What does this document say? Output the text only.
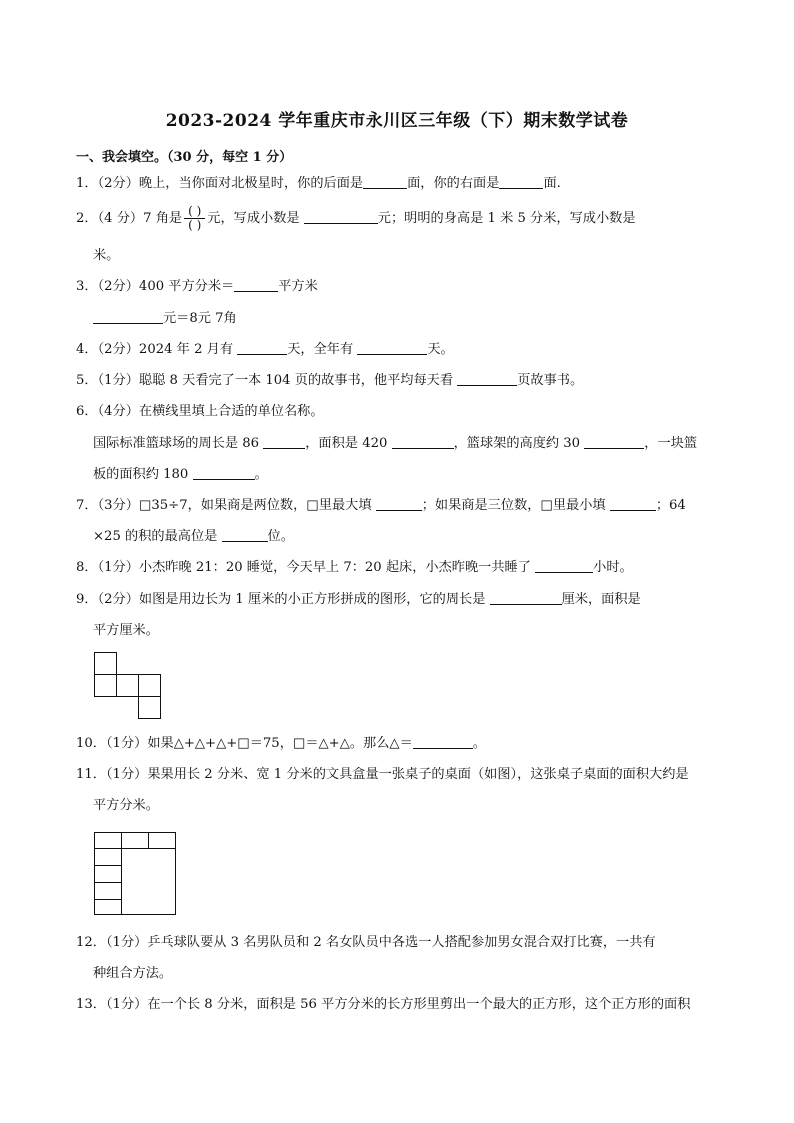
2023-2024 学年重庆市永川区三年级（下）期末数学试卷
一、我会填空。（30 分，每空 1 分）
1．（2分）晚上，当你面对北极星时，你的后面是	面，你的右面是	面.
2．（4 分）7 角是 $\frac{( )}{( )}$ 元，写成小数是	元；明明的身高是 1 米 5 分米，写成小数是
米。
3．（2分）400 平方分米＝	平方米
元＝8元 7角
4．（2分）2024 年 2 月有	天，全年有	天。
5．（1分）聪聪 8 天看完了一本 104 页的故事书，他平均每天看	页故事书。
6．（4分）在横线里填上合适的单位名称。
国际标准篮球场的周长是 86	，面积是 420	，篮球架的高度约 30	，一块篮
板的面积约 180	。
7．（3分）□35÷7，如果商是两位数，□里最大填	；如果商是三位数，□里最小填	；64
×25 的积的最高位是	位。
8．（1分）小杰昨晚 21：20 睡觉，今天早上 7：20 起床，小杰昨晚一共睡了	小时。
9．（2分）如图是用边长为 1 厘米的小正方形拼成的图形，它的周长是	厘米，面积是
平方厘米。
10．（1分）如果△+△+△+□＝75，□＝△+△。那么△＝	。
11．（1分）果果用长 2 分米、宽 1 分米的文具盒量一张桌子的桌面（如图），这张桌子桌面的面积大约是
平方分米。
12．（1分）乒乓球队要从 3 名男队员和 2 名女队员中各选一人搭配参加男女混合双打比赛，一共有
种组合方法。
13．（1分）在一个长 8 分米，面积是 56 平方分米的长方形里剪出一个最大的正方形，这个正方形的面积
